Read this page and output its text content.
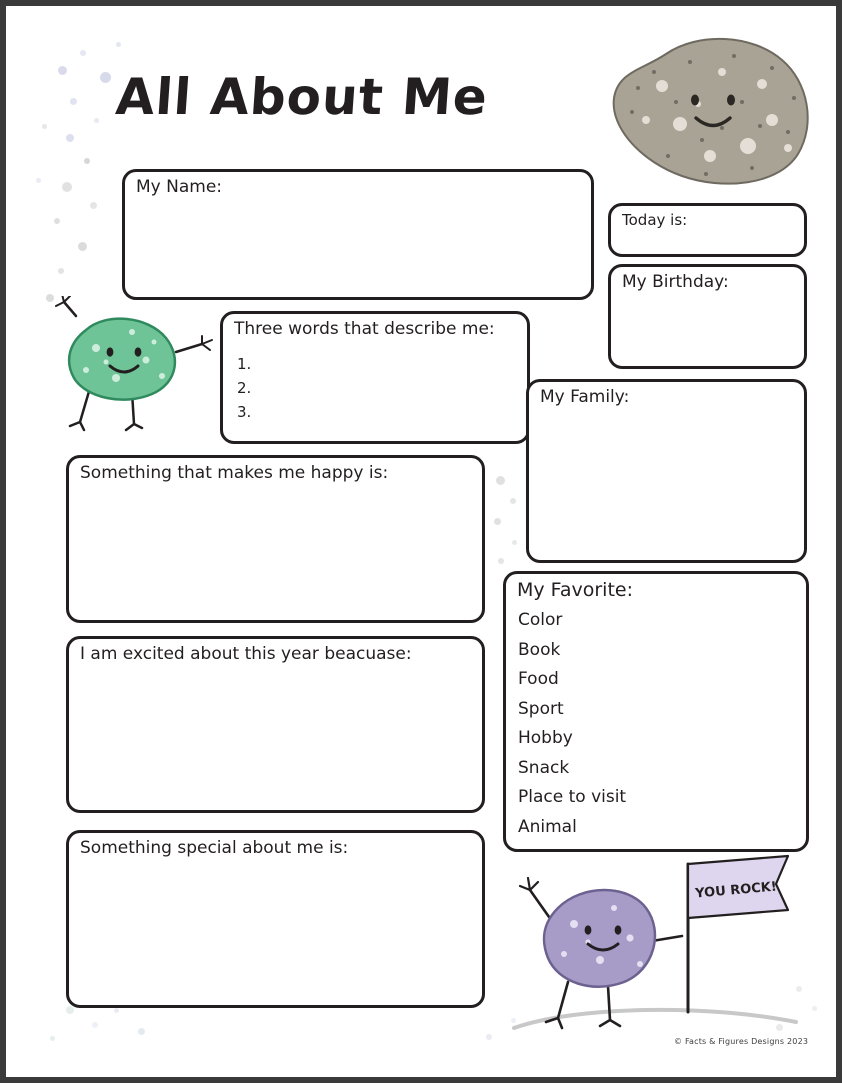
All About Me
YOU ROCK!
My Name:
Today is:
My Birthday:
Three words that describe me:
1.
2.
3.
My Family:
Something that makes me happy is:
I am excited about this year beacuase:
My Favorite:
Color
Book
Food
Sport
Hobby
Snack
Place to visit
Animal
Something special about me is:
© Facts & Figures Designs 2023
